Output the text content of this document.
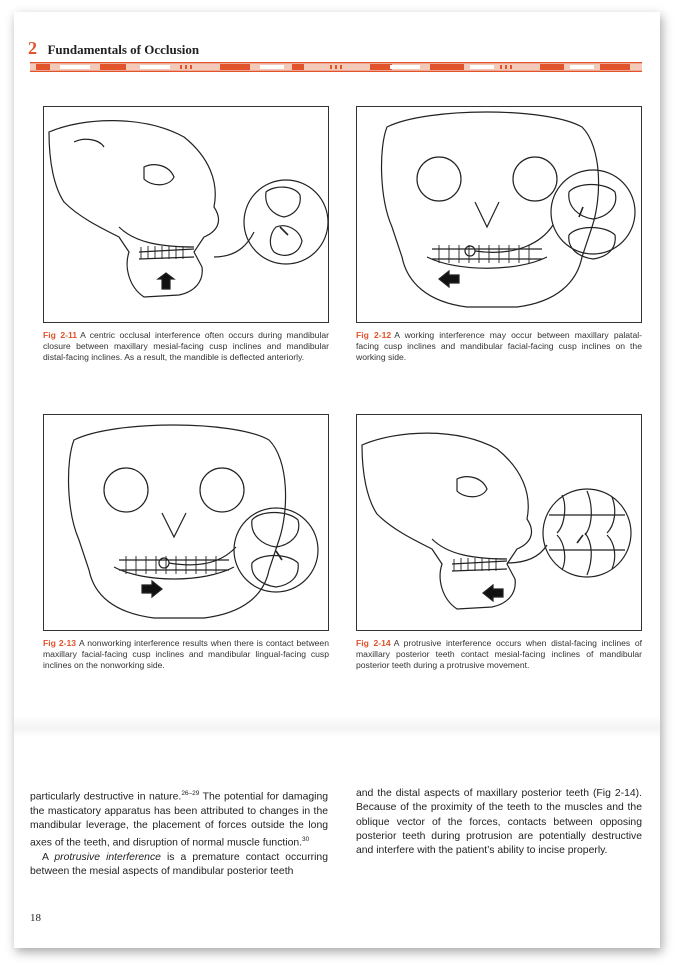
2 Fundamentals of Occlusion
Fig 2-11 A centric occlusal interference often occurs during mandibular closure between maxillary mesial-facing cusp inclines and mandibular distal-facing inclines. As a result, the mandible is deflected anteriorly.
Fig 2-12 A working interference may occur between maxillary palatal-facing cusp inclines and mandibular facial-facing cusp inclines on the working side.
Fig 2-13 A nonworking interference results when there is contact between maxillary facial-facing cusp inclines and mandibular lingual-facing cusp inclines on the nonworking side.
Fig 2-14 A protrusive interference occurs when distal-facing inclines of maxillary posterior teeth contact mesial-facing inclines of mandibular posterior teeth during a protrusive movement.

particularly destructive in nature.$^{26-29}$ The potential for damaging the masticatory apparatus has been attributed to changes in the mandibular leverage, the placement of forces outside the long axes of the teeth, and disruption of normal muscle function.$^{30}$

A protrusive interference is a premature contact occurring between the mesial aspects of mandibular posterior teeth

and the distal aspects of maxillary posterior teeth (Fig 2-14). Because of the proximity of the teeth to the muscles and the oblique vector of the forces, contacts between opposing posterior teeth during protrusion are potentially destructive and interfere with the patient’s ability to incise properly.

18
